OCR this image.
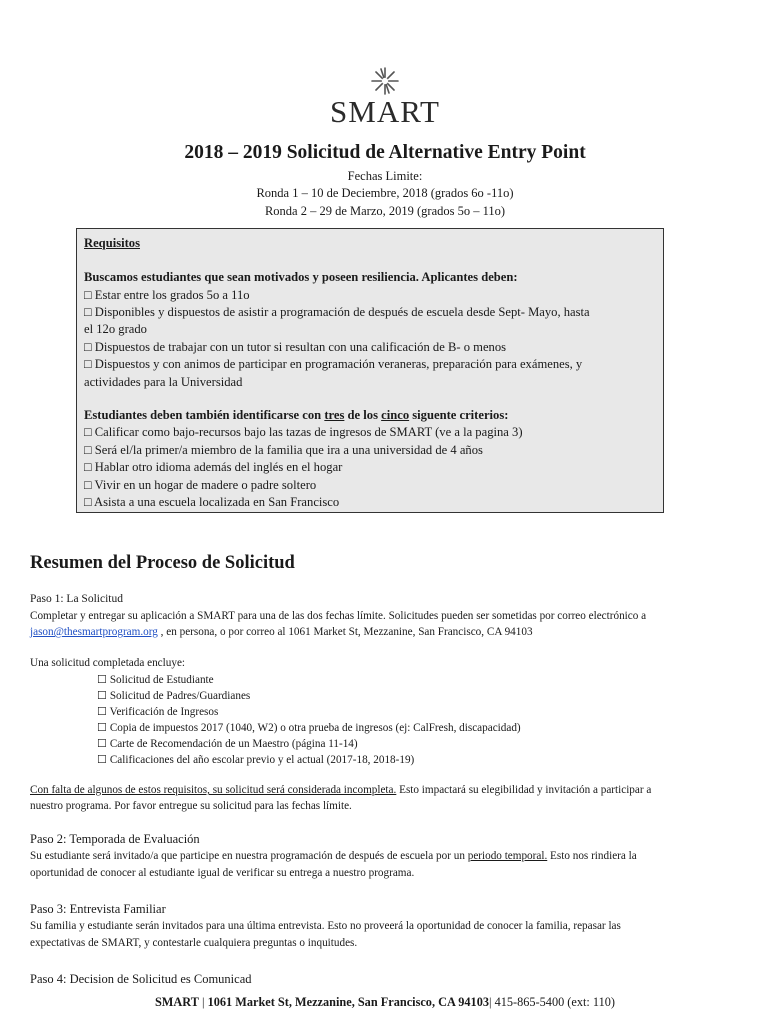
SMART
2018 – 2019 Solicitud de Alternative Entry Point
Fechas Limite:
Ronda 1 – 10 de Deciembre, 2018 (grados 6o -11o)
Ronda 2 – 29 de Marzo, 2019 (grados 5o – 11o)
Requisitos
Buscamos estudiantes que sean motivados y poseen resiliencia. Aplicantes deben:
□ Estar entre los grados 5o a 11o
□ Disponibles y dispuestos de asistir a programación de después de escuela desde Sept- Mayo, hasta
el 12o grado
□ Dispuestos de trabajar con un tutor si resultan con una calificación de B- o menos
□ Dispuestos y con animos de participar en programación veraneras, preparación para exámenes, y
actividades para la Universidad
Estudiantes deben también identificarse con tres de los cinco siguente criterios:
□ Calificar como bajo-recursos bajo las tazas de ingresos de SMART (ve a la pagina 3)
□ Será el/la primer/a miembro de la familia que ira a una universidad de 4 años
□ Hablar otro idioma además del inglés en el hogar
□ Vivir en un hogar de madere o padre soltero
□ Asista a una escuela localizada en San Francisco
Resumen del Proceso de Solicitud
Paso 1: La Solicitud
Completar y entregar su aplicación a SMART para una de las dos fechas límite. Solicitudes pueden ser sometidas por correo electrónico a
jason@thesmartprogram.org , en persona, o por correo al 1061 Market St, Mezzanine, San Francisco, CA 94103
Una solicitud completada encluye:
☐ Solicitud de Estudiante
☐ Solicitud de Padres/Guardianes
☐ Verificación de Ingresos
☐ Copia de impuestos 2017 (1040, W2) o otra prueba de ingresos (ej: CalFresh, discapacidad)
☐ Carte de Recomendación de un Maestro (página 11-14)
☐ Calificaciones del año escolar previo y el actual (2017-18, 2018-19)
Con falta de algunos de estos requisitos, su solicitud será considerada incompleta. Esto impactará su elegibilidad y invitación a participar a
nuestro programa. Por favor entregue su solicitud para las fechas límite.
Paso 2: Temporada de Evaluación
Su estudiante será invitado/a que participe en nuestra programación de después de escuela por un periodo temporal. Esto nos rindiera la
oportunidad de conocer al estudiante igual de verificar su entrega a nuestro programa.
Paso 3: Entrevista Familiar
Su familia y estudiante serán invitados para una última entrevista. Esto no proveerá la oportunidad de conocer la familia, repasar las
expectativas de SMART, y contestarle cualquiera preguntas o inquitudes.
Paso 4: Decision de Solicitud es Comunicad
SMART | 1061 Market St, Mezzanine, San Francisco, CA 94103| 415-865-5400 (ext: 110)
